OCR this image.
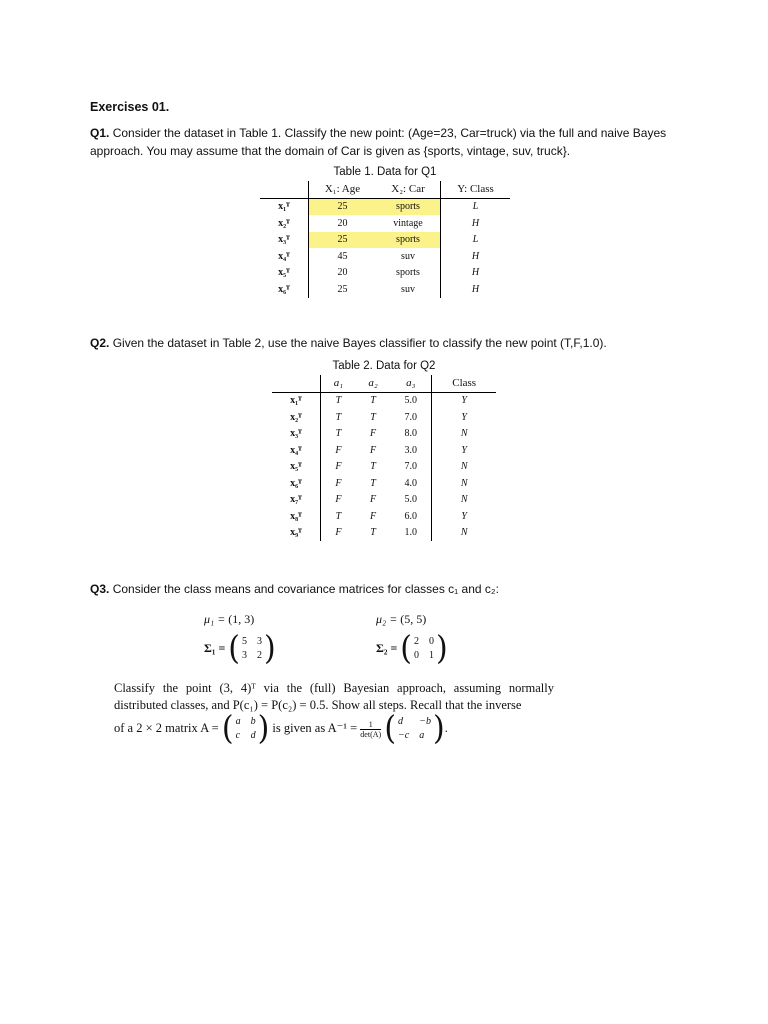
Exercises 01.
Q1. Consider the dataset in Table 1. Classify the new point: (Age=23, Car=truck) via the full and naive Bayes approach. You may assume that the domain of Car is given as {sports, vintage, suv, truck}.
Table 1. Data for Q1
	X₁: Age	X₂: Car	Y: Class
x₁ᵀ	25	sports	L
x₂ᵀ	20	vintage	H
x₃ᵀ	25	sports	L
x₄ᵀ	45	suv	H
x₅ᵀ	20	sports	H
x₆ᵀ	25	suv	H
Q2. Given the dataset in Table 2, use the naive Bayes classifier to classify the new point (T,F,1.0).
Table 2. Data for Q2
	a₁	a₂	a₃	Class
x₁ᵀ	T	T	5.0	Y
x₂ᵀ	T	T	7.0	Y
x₃ᵀ	T	F	8.0	N
x₄ᵀ	F	F	3.0	Y
x₅ᵀ	F	T	7.0	N
x₆ᵀ	F	T	4.0	N
x₇ᵀ	F	F	5.0	N
x₈ᵀ	T	F	6.0	Y
x₉ᵀ	F	T	1.0	N
Q3. Consider the class means and covariance matrices for classes c₁ and c₂:
μ₁ = (1, 3)	μ₂ = (5, 5)
Σ₁ = ( 5 3
3 2 )	Σ₂ = ( 2 0
0 1 )
Classify the point (3, 4)ᵀ via the (full) Bayesian approach, assuming normally distributed classes, and P(c₁) = P(c₂) = 0.5. Show all steps. Recall that the inverse
of a 2 × 2 matrix A = ( a b
c d ) is given as $A^{-1} = \frac{1}{\det(A)}$
( d	−b
−c a ) .
